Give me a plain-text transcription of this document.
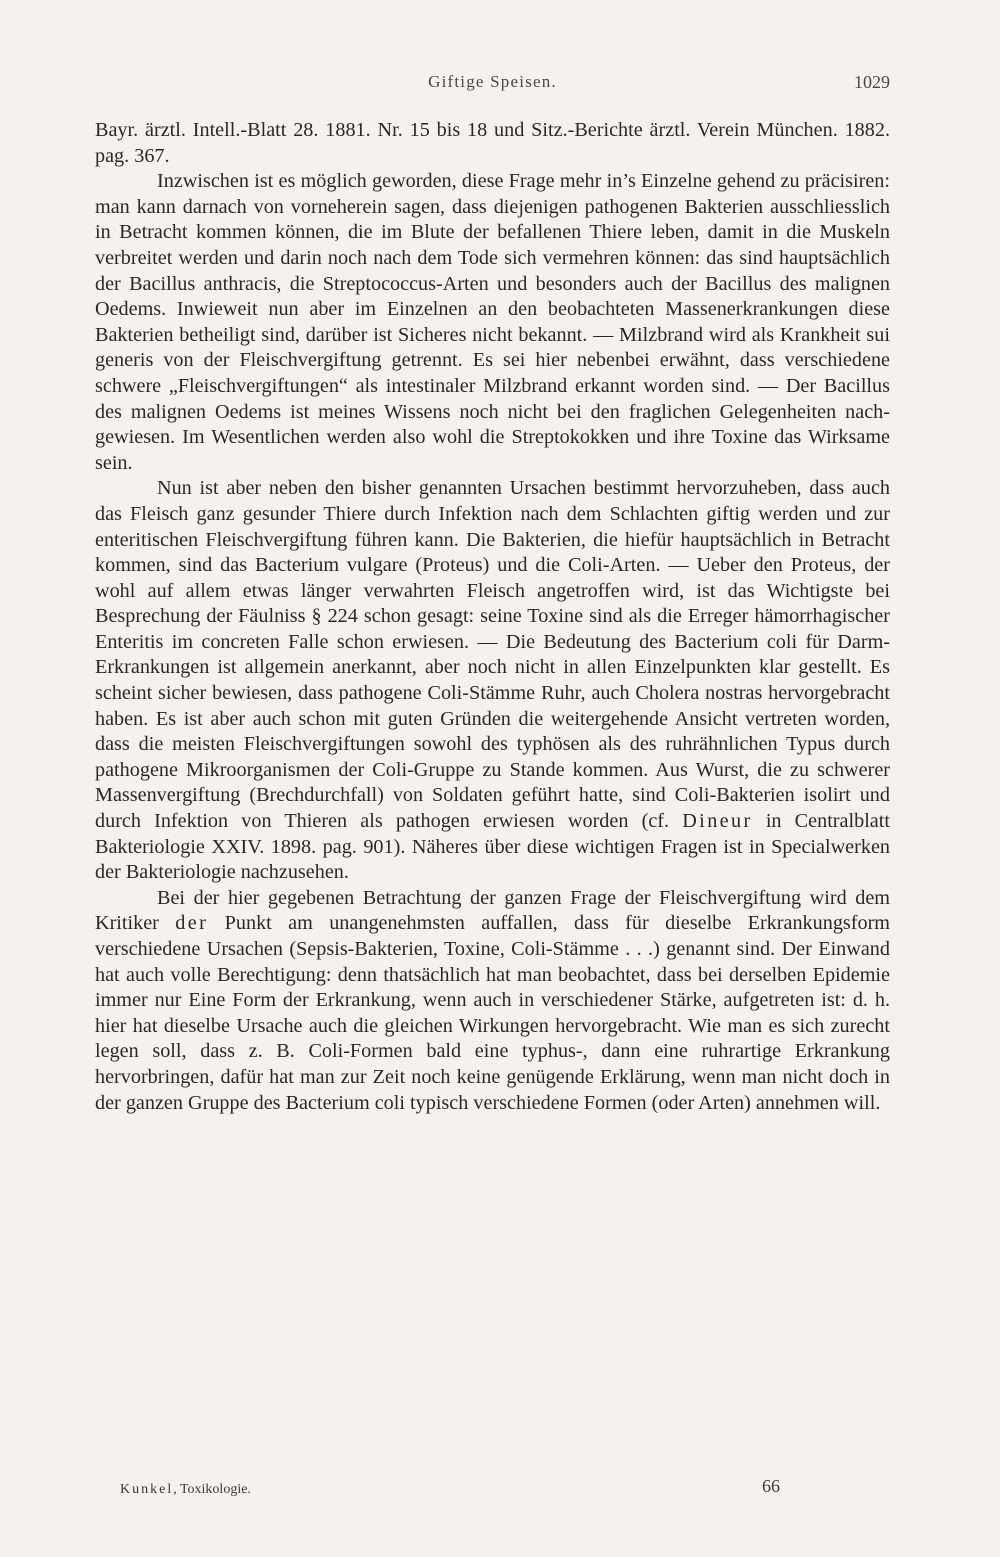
Giftige Speisen.	1029

Bayr. ärztl. Intell.-Blatt 28. 1881. Nr. 15 bis 18 und Sitz.-Berichte ärztl. Verein München. 1882. pag. 367.

Inzwischen ist es möglich geworden, diese Frage mehr in’s Einzelne gehend zu präcisiren: man kann darnach von vorneherein sagen, dass diejenigen pathogenen Bakterien ausschliesslich in Betracht kommen können, die im Blute der befallenen Thiere leben, damit in die Muskeln verbreitet werden und darin noch nach dem Tode sich vermehren können: das sind hauptsächlich der Bacillus anthracis, die Streptococcus-Arten und besonders auch der Bacillus des malignen Oedems. Inwieweit nun aber im Einzelnen an den beobachteten Massenerkrankungen diese Bakterien betheiligt sind, darüber ist Sicheres nicht bekannt. — Milzbrand wird als Krankheit sui generis von der Fleischvergiftung getrennt. Es sei hier nebenbei erwähnt, dass verschiedene schwere „Fleischvergiftungen“ als intestinaler Milzbrand erkannt worden sind. — Der Bacillus des malignen Oedems ist meines Wissens noch nicht bei den fraglichen Gelegenheiten nachgewiesen. Im Wesentlichen werden also wohl die Streptokokken und ihre Toxine das Wirksame sein.

Nun ist aber neben den bisher genannten Ursachen bestimmt hervorzuheben, dass auch das Fleisch ganz gesunder Thiere durch Infektion nach dem Schlachten giftig werden und zur enteritischen Fleischvergiftung führen kann. Die Bakterien, die hiefür hauptsächlich in Betracht kommen, sind das Bacterium vulgare (Proteus) und die Coli-Arten. — Ueber den Proteus, der wohl auf allem etwas länger verwahrten Fleisch angetroffen wird, ist das Wichtigste bei Besprechung der Fäulniss § 224 schon gesagt: seine Toxine sind als die Erreger hämorrhagischer Enteritis im concreten Falle schon erwiesen. — Die Bedeutung des Bacterium coli für Darm-Erkrankungen ist allgemein anerkannt, aber noch nicht in allen Einzelpunkten klar gestellt. Es scheint sicher bewiesen, dass pathogene Coli-Stämme Ruhr, auch Cholera nostras hervorgebracht haben. Es ist aber auch schon mit guten Gründen die weitergehende Ansicht vertreten worden, dass die meisten Fleischvergiftungen sowohl des typhösen als des ruhrähnlichen Typus durch pathogene Mikroorganismen der Coli-Gruppe zu Stande kommen. Aus Wurst, die zu schwerer Massenvergiftung (Brechdurchfall) von Soldaten geführt hatte, sind Coli-Bakterien isolirt und durch Infektion von Thieren als pathogen erwiesen worden (cf. Dineur in Centralblatt Bakteriologie XXIV. 1898. pag. 901). Näheres über diese wichtigen Fragen ist in Specialwerken der Bakteriologie nachzusehen.

Bei der hier gegebenen Betrachtung der ganzen Frage der Fleischvergiftung wird dem Kritiker der Punkt am unangenehmsten auffallen, dass für dieselbe Erkrankungsform verschiedene Ursachen (Sepsis-Bakterien, Toxine, Coli-Stämme . . .) genannt sind. Der Einwand hat auch volle Berechtigung: denn thatsächlich hat man beobachtet, dass bei derselben Epidemie immer nur Eine Form der Erkrankung, wenn auch in verschiedener Stärke, aufgetreten ist: d. h. hier hat dieselbe Ursache auch die gleichen Wirkungen hervorgebracht. Wie man es sich zurecht legen soll, dass z. B. Coli-Formen bald eine typhus-, dann eine ruhrartige Erkrankung hervorbringen, dafür hat man zur Zeit noch keine genügende Erklärung, wenn man nicht doch in der ganzen Gruppe des Bacterium coli typisch verschiedene Formen (oder Arten) annehmen will.

Kunkel, Toxikologie.	66
